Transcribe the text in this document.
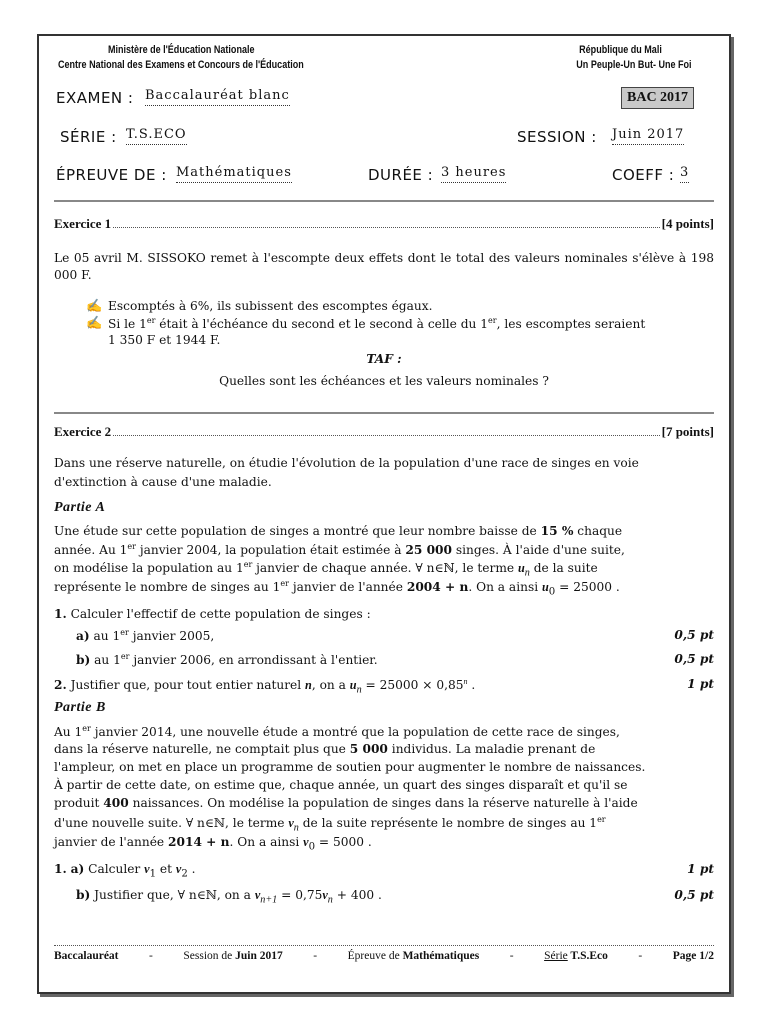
Ministère de l'Éducation Nationale
Centre National des Examens et Concours de l'Éducation
République du Mali
Un Peuple-Un But- Une Foi
EXAMEN : Baccalauréat blanc	BAC 2017
SÉRIE : T.S.ECO	SESSION : Juin 2017
ÉPREUVE DE : Mathématiques	DURÉE : 3 heures	COEFF : 3
Exercice 1	[4 points]
Le 05 avril M. SISSOKO remet à l'escompte deux effets dont le total des valeurs nominales s'élève à 198 000 F.
✍ Escomptés à 6%, ils subissent des escomptes égaux.
✍ Si le 1er était à l'échéance du second et le second à celle du 1er, les escomptes seraient
1 350 F et 1944 F.
TAF :
Quelles sont les échéances et les valeurs nominales ?
Exercice 2	[7 points]
Dans une réserve naturelle, on étudie l'évolution de la population d'une race de singes en voie
d'extinction à cause d'une maladie.
Partie A
Une étude sur cette population de singes a montré que leur nombre baisse de 15 % chaque
année. Au 1er janvier 2004, la population était estimée à 25 000 singes. À l'aide d'une suite,
on modélise la population au 1er janvier de chaque année. ∀ n∈ℕ, le terme $u_n$ de la suite
représente le nombre de singes au 1er janvier de l'année 2004 + n. On a ainsi $u_0 = 25000$ .
1. Calculer l'effectif de cette population de singes :
a) au 1er janvier 2005,	0,5 pt
b) au 1er janvier 2006, en arrondissant à l'entier.	0,5 pt
2. Justifier que, pour tout entier naturel n, on a $u_n = 25000 \times 0,85^n$ .	1 pt
Partie B
Au 1er janvier 2014, une nouvelle étude a montré que la population de cette race de singes,
dans la réserve naturelle, ne comptait plus que 5 000 individus. La maladie prenant de
l'ampleur, on met en place un programme de soutien pour augmenter le nombre de naissances.
À partir de cette date, on estime que, chaque année, un quart des singes disparaît et qu'il se
produit 400 naissances. On modélise la population de singes dans la réserve naturelle à l'aide
d'une nouvelle suite. ∀ n∈ℕ, le terme $v_n$ de la suite représente le nombre de singes au 1er
janvier de l'année 2014 + n. On a ainsi $v_0 = 5000$ .
1. a) Calculer $v_1$ et $v_2$ .	1 pt
b) Justifier que, ∀ n∈ℕ, on a $v_{n+1} = 0,75v_n + 400$ .	0,5 pt
Baccalauréat	-	Session de Juin 2017	-	Épreuve de Mathématiques	-	Série T.S.Eco	-	Page 1/2
